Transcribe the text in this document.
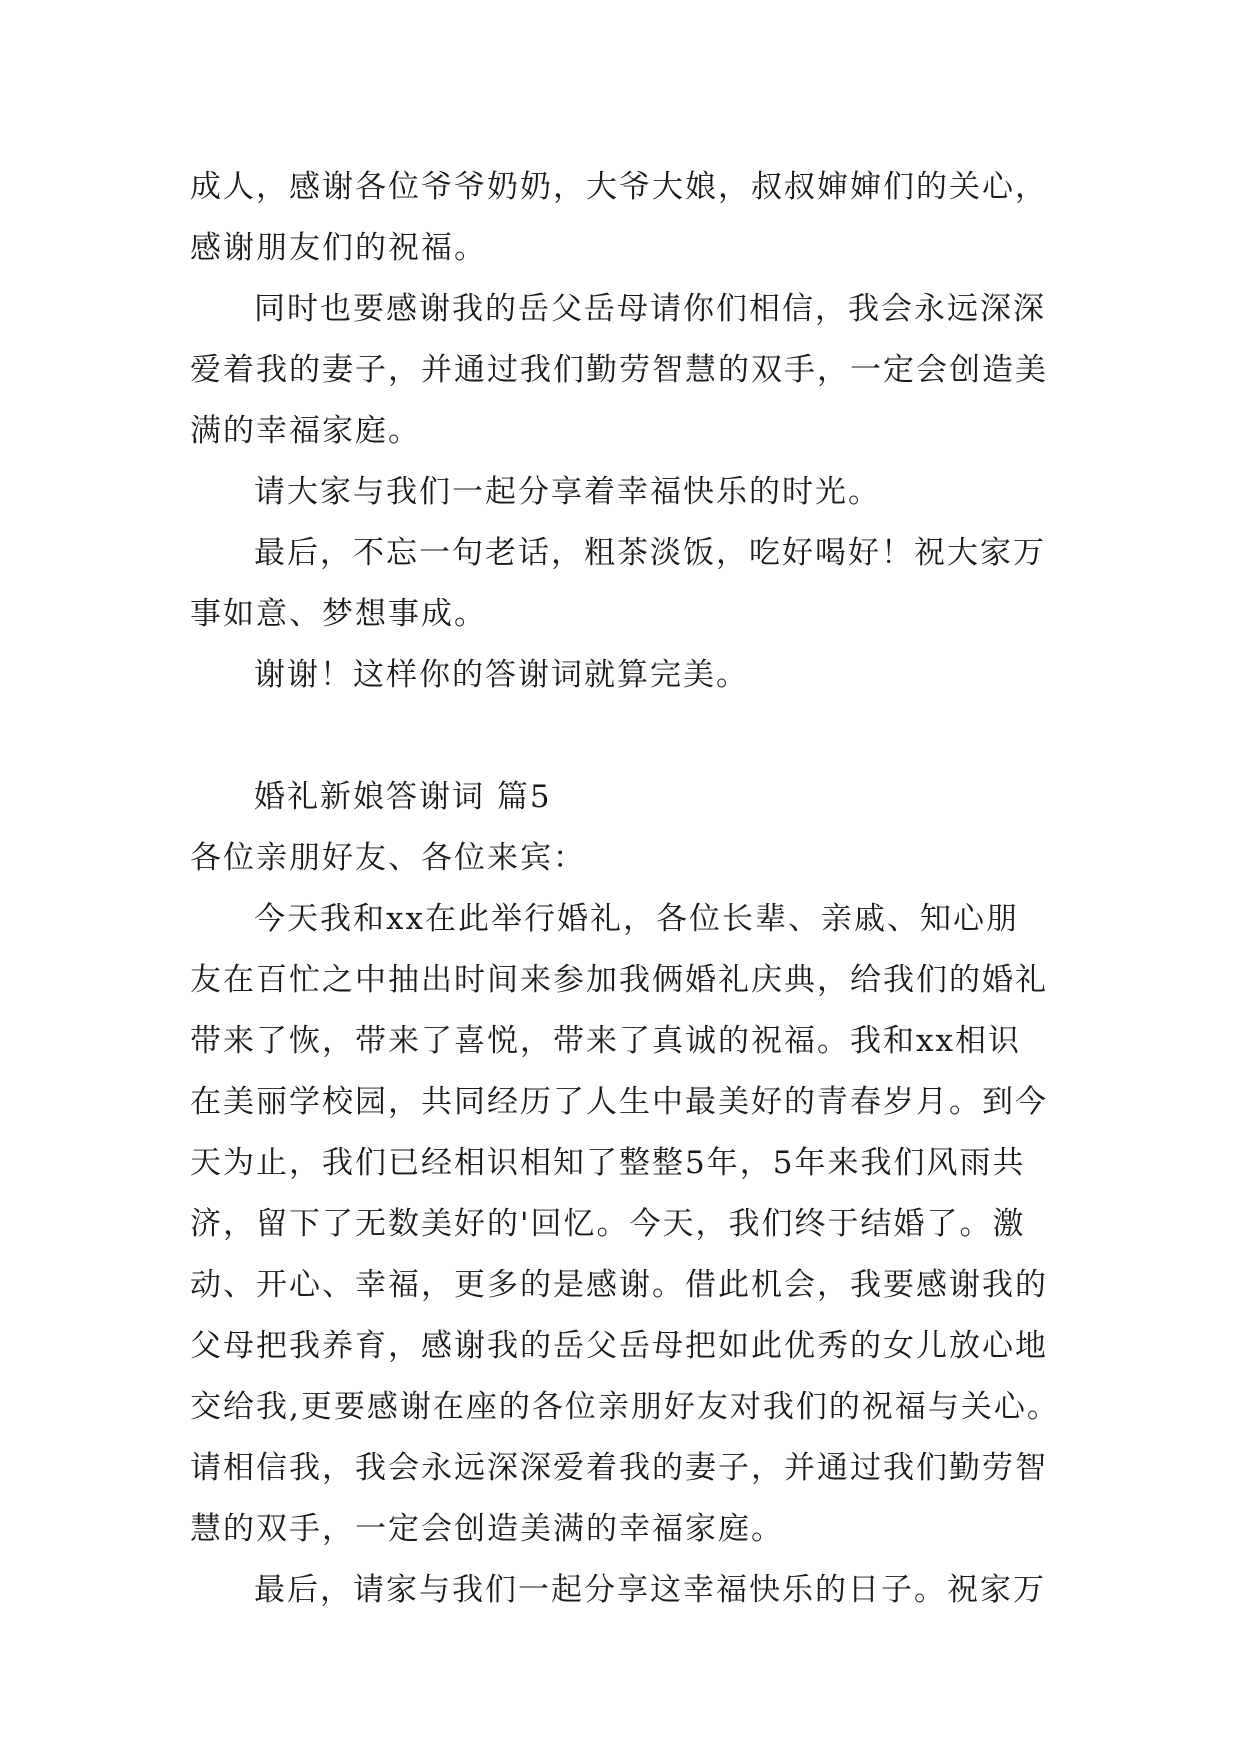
成人，感谢各位爷爷奶奶，大爷大娘，叔叔婶婶们的关心，
感谢朋友们的祝福。
同时也要感谢我的岳父岳母请你们相信，我会永远深深
爱着我的妻子，并通过我们勤劳智慧的双手，一定会创造美
满的幸福家庭。
请大家与我们一起分享着幸福快乐的时光。
最后，不忘一句老话，粗茶淡饭，吃好喝好！祝大家万
事如意、梦想事成。
谢谢！这样你的答谢词就算完美。
婚礼新娘答谢词 篇5
各位亲朋好友、各位来宾：
今天我和xx在此举行婚礼，各位长辈、亲戚、知心朋
友在百忙之中抽出时间来参加我俩婚礼庆典，给我们的婚礼
带来了恢，带来了喜悦，带来了真诚的祝福。我和xx相识
在美丽学校园，共同经历了人生中最美好的青春岁月。到今
天为止，我们已经相识相知了整整5年，5年来我们风雨共
济，留下了无数美好的'回忆。今天，我们终于结婚了。激
动、开心、幸福，更多的是感谢。借此机会，我要感谢我的
父母把我养育，感谢我的岳父岳母把如此优秀的女儿放心地
交给我,更要感谢在座的各位亲朋好友对我们的祝福与关心。
请相信我，我会永远深深爱着我的妻子，并通过我们勤劳智
慧的双手，一定会创造美满的幸福家庭。
最后，请家与我们一起分享这幸福快乐的日子。祝家万
